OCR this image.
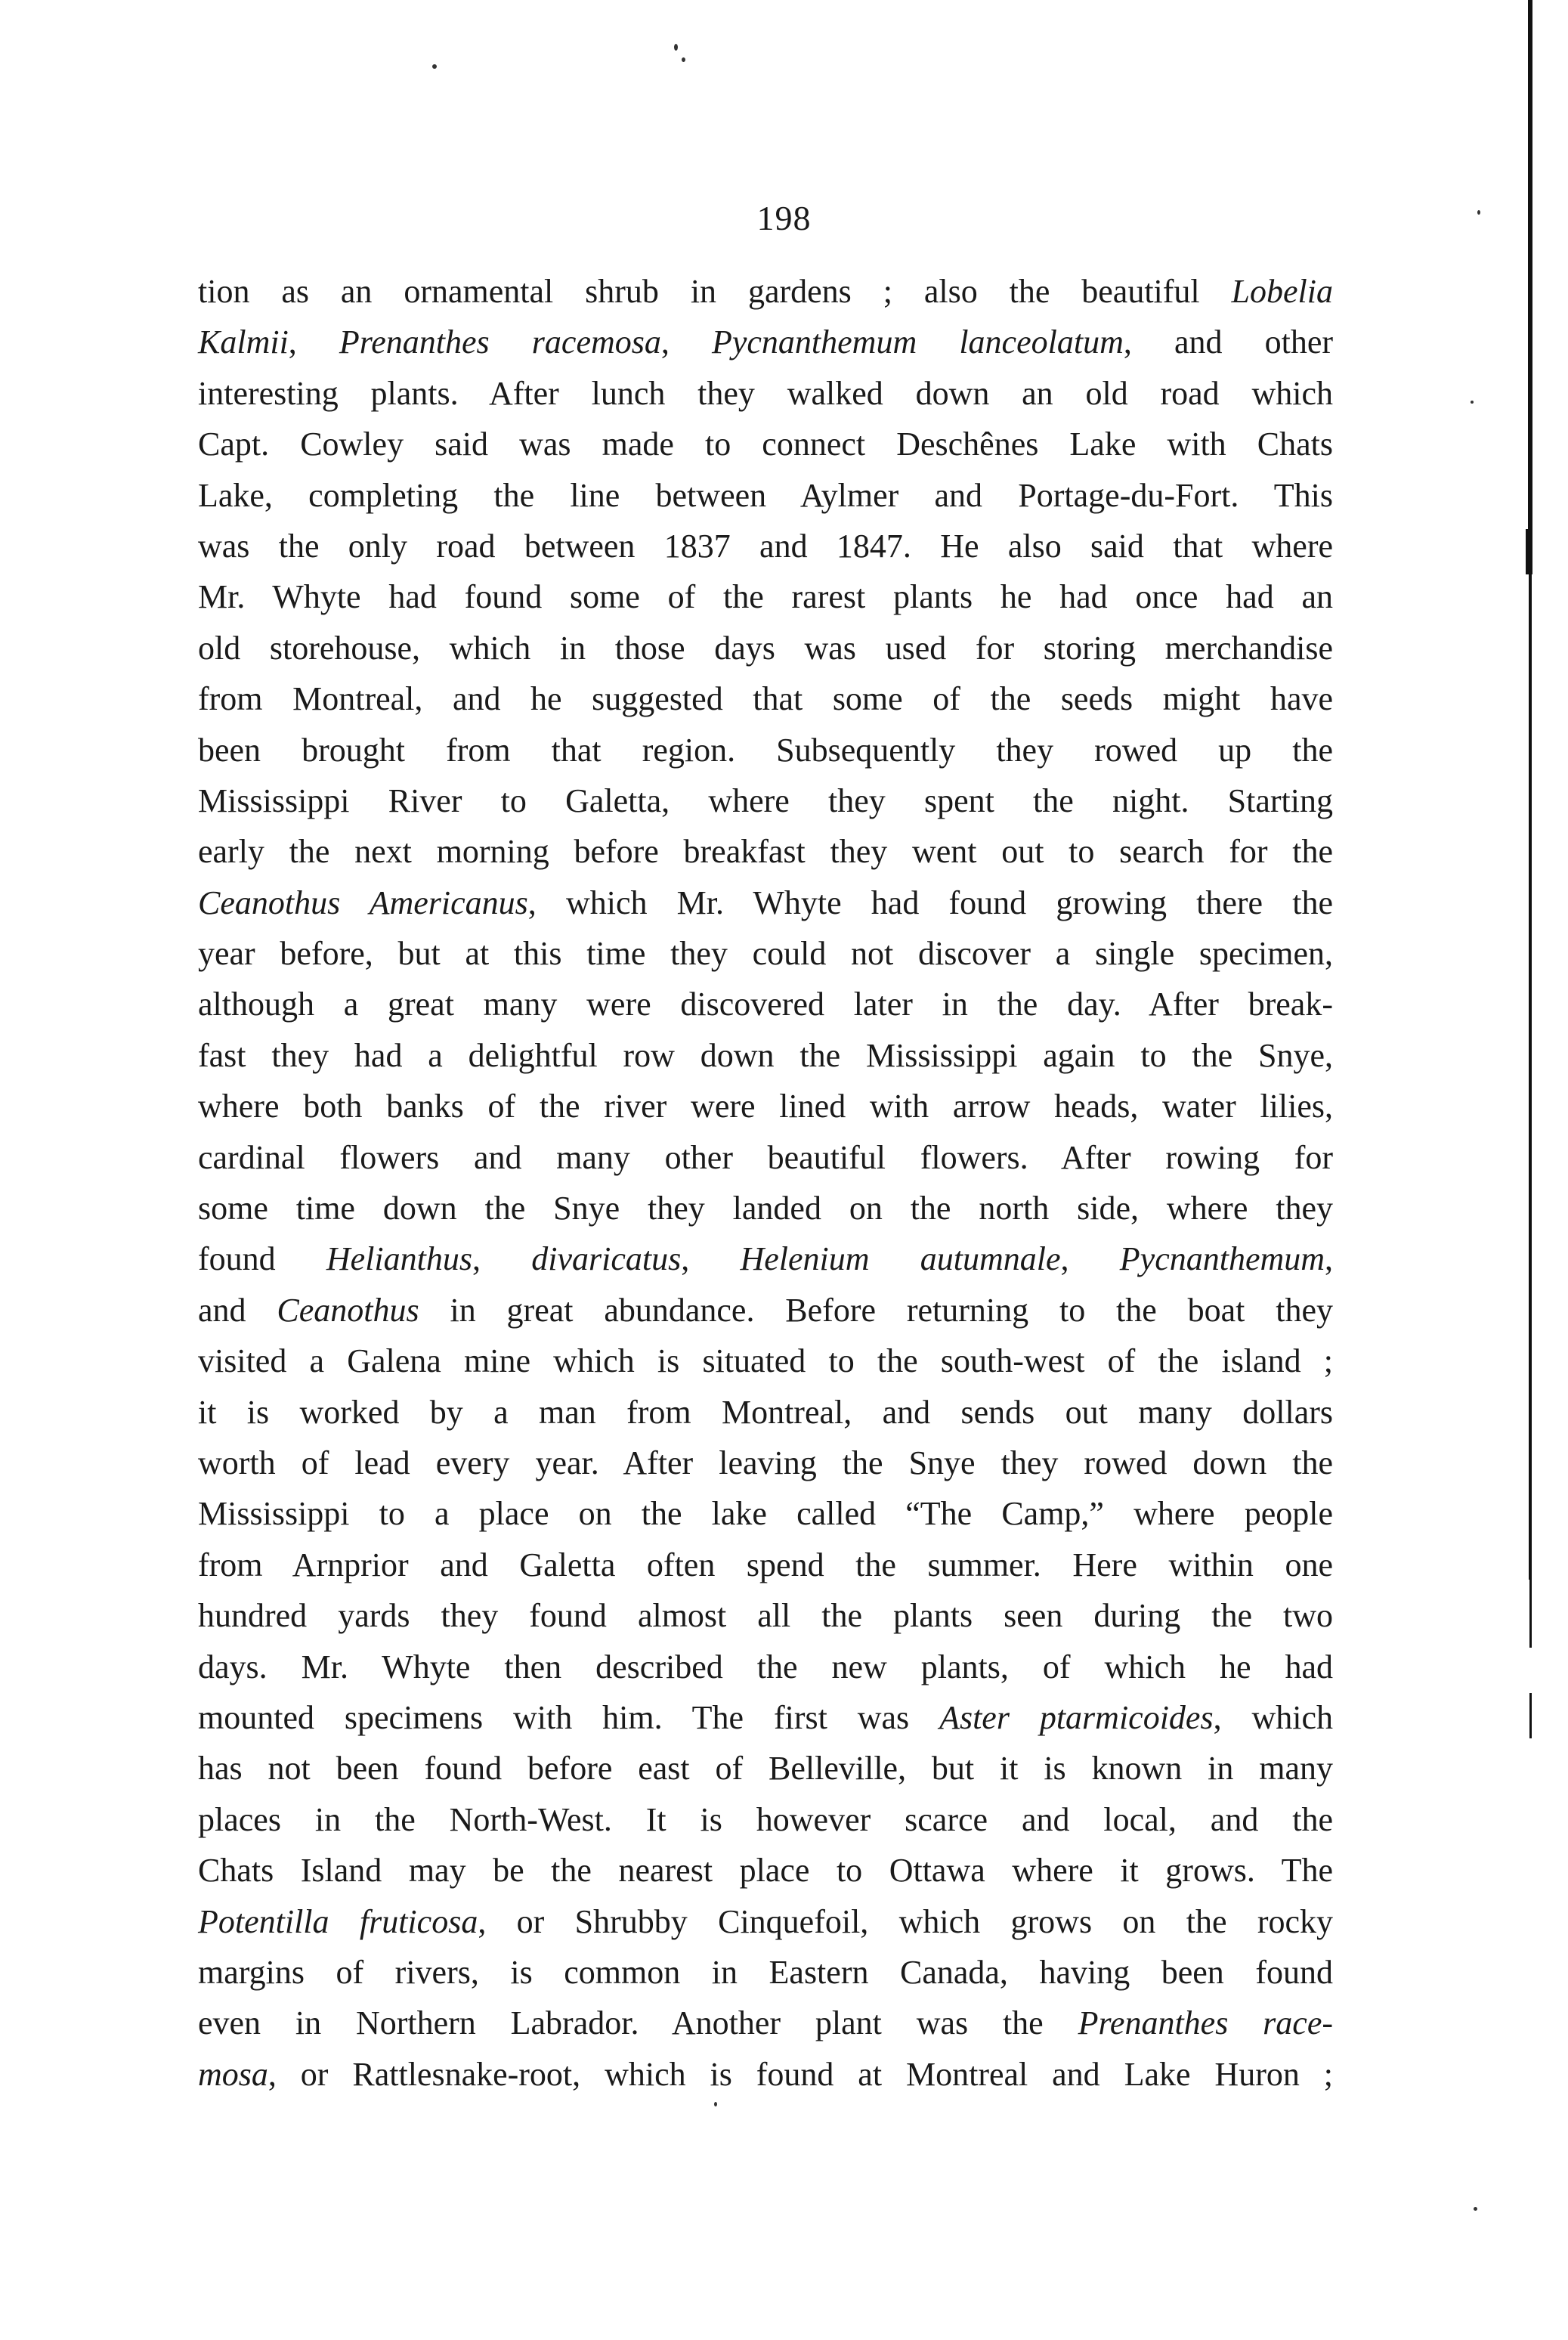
198
tion as an ornamental shrub in gardens ; also the beautiful Lobelia
Kalmii, Prenanthes racemosa, Pycnanthemum lanceolatum, and other
interesting plants. After lunch they walked down an old road which
Capt. Cowley said was made to connect Deschênes Lake with Chats
Lake, completing the line between Aylmer and Portage-du-Fort. This
was the only road between 1837 and 1847. He also said that where
Mr. Whyte had found some of the rarest plants he had once had an
old storehouse, which in those days was used for storing merchandise
from Montreal, and he suggested that some of the seeds might have
been brought from that region. Subsequently they rowed up the
Mississippi River to Galetta, where they spent the night. Starting
early the next morning before breakfast they went out to search for the
Ceanothus Americanus, which Mr. Whyte had found growing there the
year before, but at this time they could not discover a single specimen,
although a great many were discovered later in the day. After break-
fast they had a delightful row down the Mississippi again to the Snye,
where both banks of the river were lined with arrow heads, water lilies,
cardinal flowers and many other beautiful flowers. After rowing for
some time down the Snye they landed on the north side, where they
found Helianthus, divaricatus, Helenium autumnale, Pycnanthemum,
and Ceanothus in great abundance. Before returning to the boat they
visited a Galena mine which is situated to the south-west of the island ;
it is worked by a man from Montreal, and sends out many dollars
worth of lead every year. After leaving the Snye they rowed down the
Mississippi to a place on the lake called “The Camp,” where people
from Arnprior and Galetta often spend the summer. Here within one
hundred yards they found almost all the plants seen during the two
days. Mr. Whyte then described the new plants, of which he had
mounted specimens with him. The first was Aster ptarmicoides, which
has not been found before east of Belleville, but it is known in many
places in the North-West. It is however scarce and local, and the
Chats Island may be the nearest place to Ottawa where it grows. The
Potentilla fruticosa, or Shrubby Cinquefoil, which grows on the rocky
margins of rivers, is common in Eastern Canada, having been found
even in Northern Labrador. Another plant was the Prenanthes race-
mosa, or Rattlesnake-root, which is found at Montreal and Lake Huron ;
